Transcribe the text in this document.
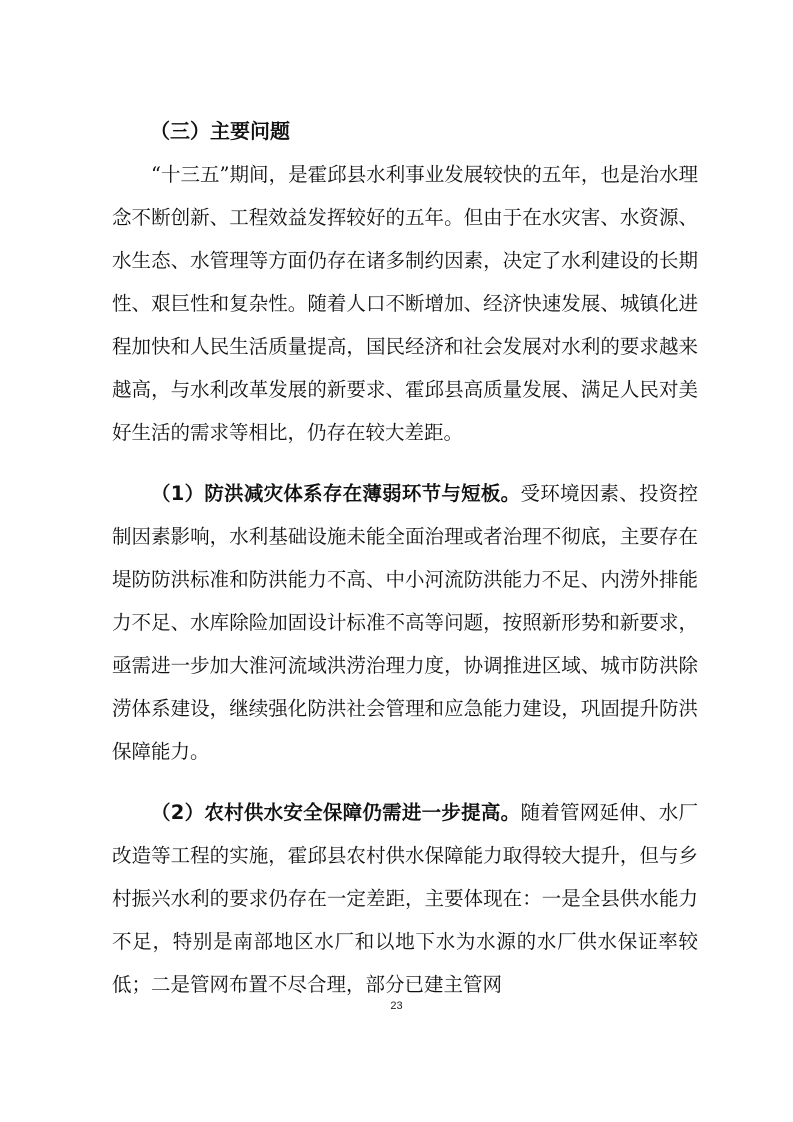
（三）主要问题

“十三五”期间，是霍邱县水利事业发展较快的五年，也是治水理念不断创新、工程效益发挥较好的五年。但由于在水灾害、水资源、水生态、水管理等方面仍存在诸多制约因素，决定了水利建设的长期性、艰巨性和复杂性。随着人口不断增加、经济快速发展、城镇化进程加快和人民生活质量提高，国民经济和社会发展对水利的要求越来越高，与水利改革发展的新要求、霍邱县高质量发展、满足人民对美好生活的需求等相比，仍存在较大差距。

（1）防洪减灾体系存在薄弱环节与短板。受环境因素、投资控制因素影响，水利基础设施未能全面治理或者治理不彻底，主要存在堤防防洪标准和防洪能力不高、中小河流防洪能力不足、内涝外排能力不足、水库除险加固设计标准不高等问题，按照新形势和新要求，亟需进一步加大淮河流域洪涝治理力度，协调推进区域、城市防洪除涝体系建设，继续强化防洪社会管理和应急能力建设，巩固提升防洪保障能力。

（2）农村供水安全保障仍需进一步提高。随着管网延伸、水厂改造等工程的实施，霍邱县农村供水保障能力取得较大提升，但与乡村振兴水利的要求仍存在一定差距，主要体现在：一是全县供水能力不足，特别是南部地区水厂和以地下水为水源的水厂供水保证率较低；二是管网布置不尽合理，部分已建主管网

23
